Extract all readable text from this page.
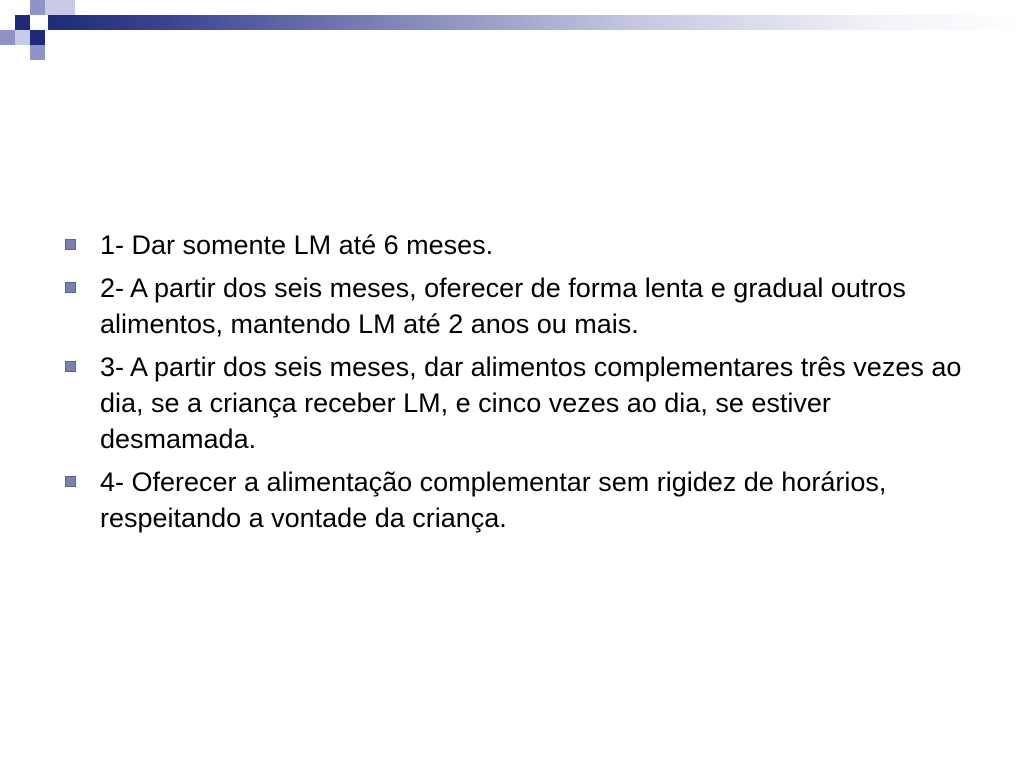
1- Dar somente LM até 6 meses.
2- A partir dos seis meses, oferecer de forma lenta e gradual outros alimentos, mantendo LM até 2 anos ou mais.
3- A partir dos seis meses, dar alimentos complementares três vezes ao dia, se a criança receber LM, e cinco vezes ao dia, se estiver desmamada.
4- Oferecer a alimentação complementar sem rigidez de horários, respeitando a vontade da criança.
